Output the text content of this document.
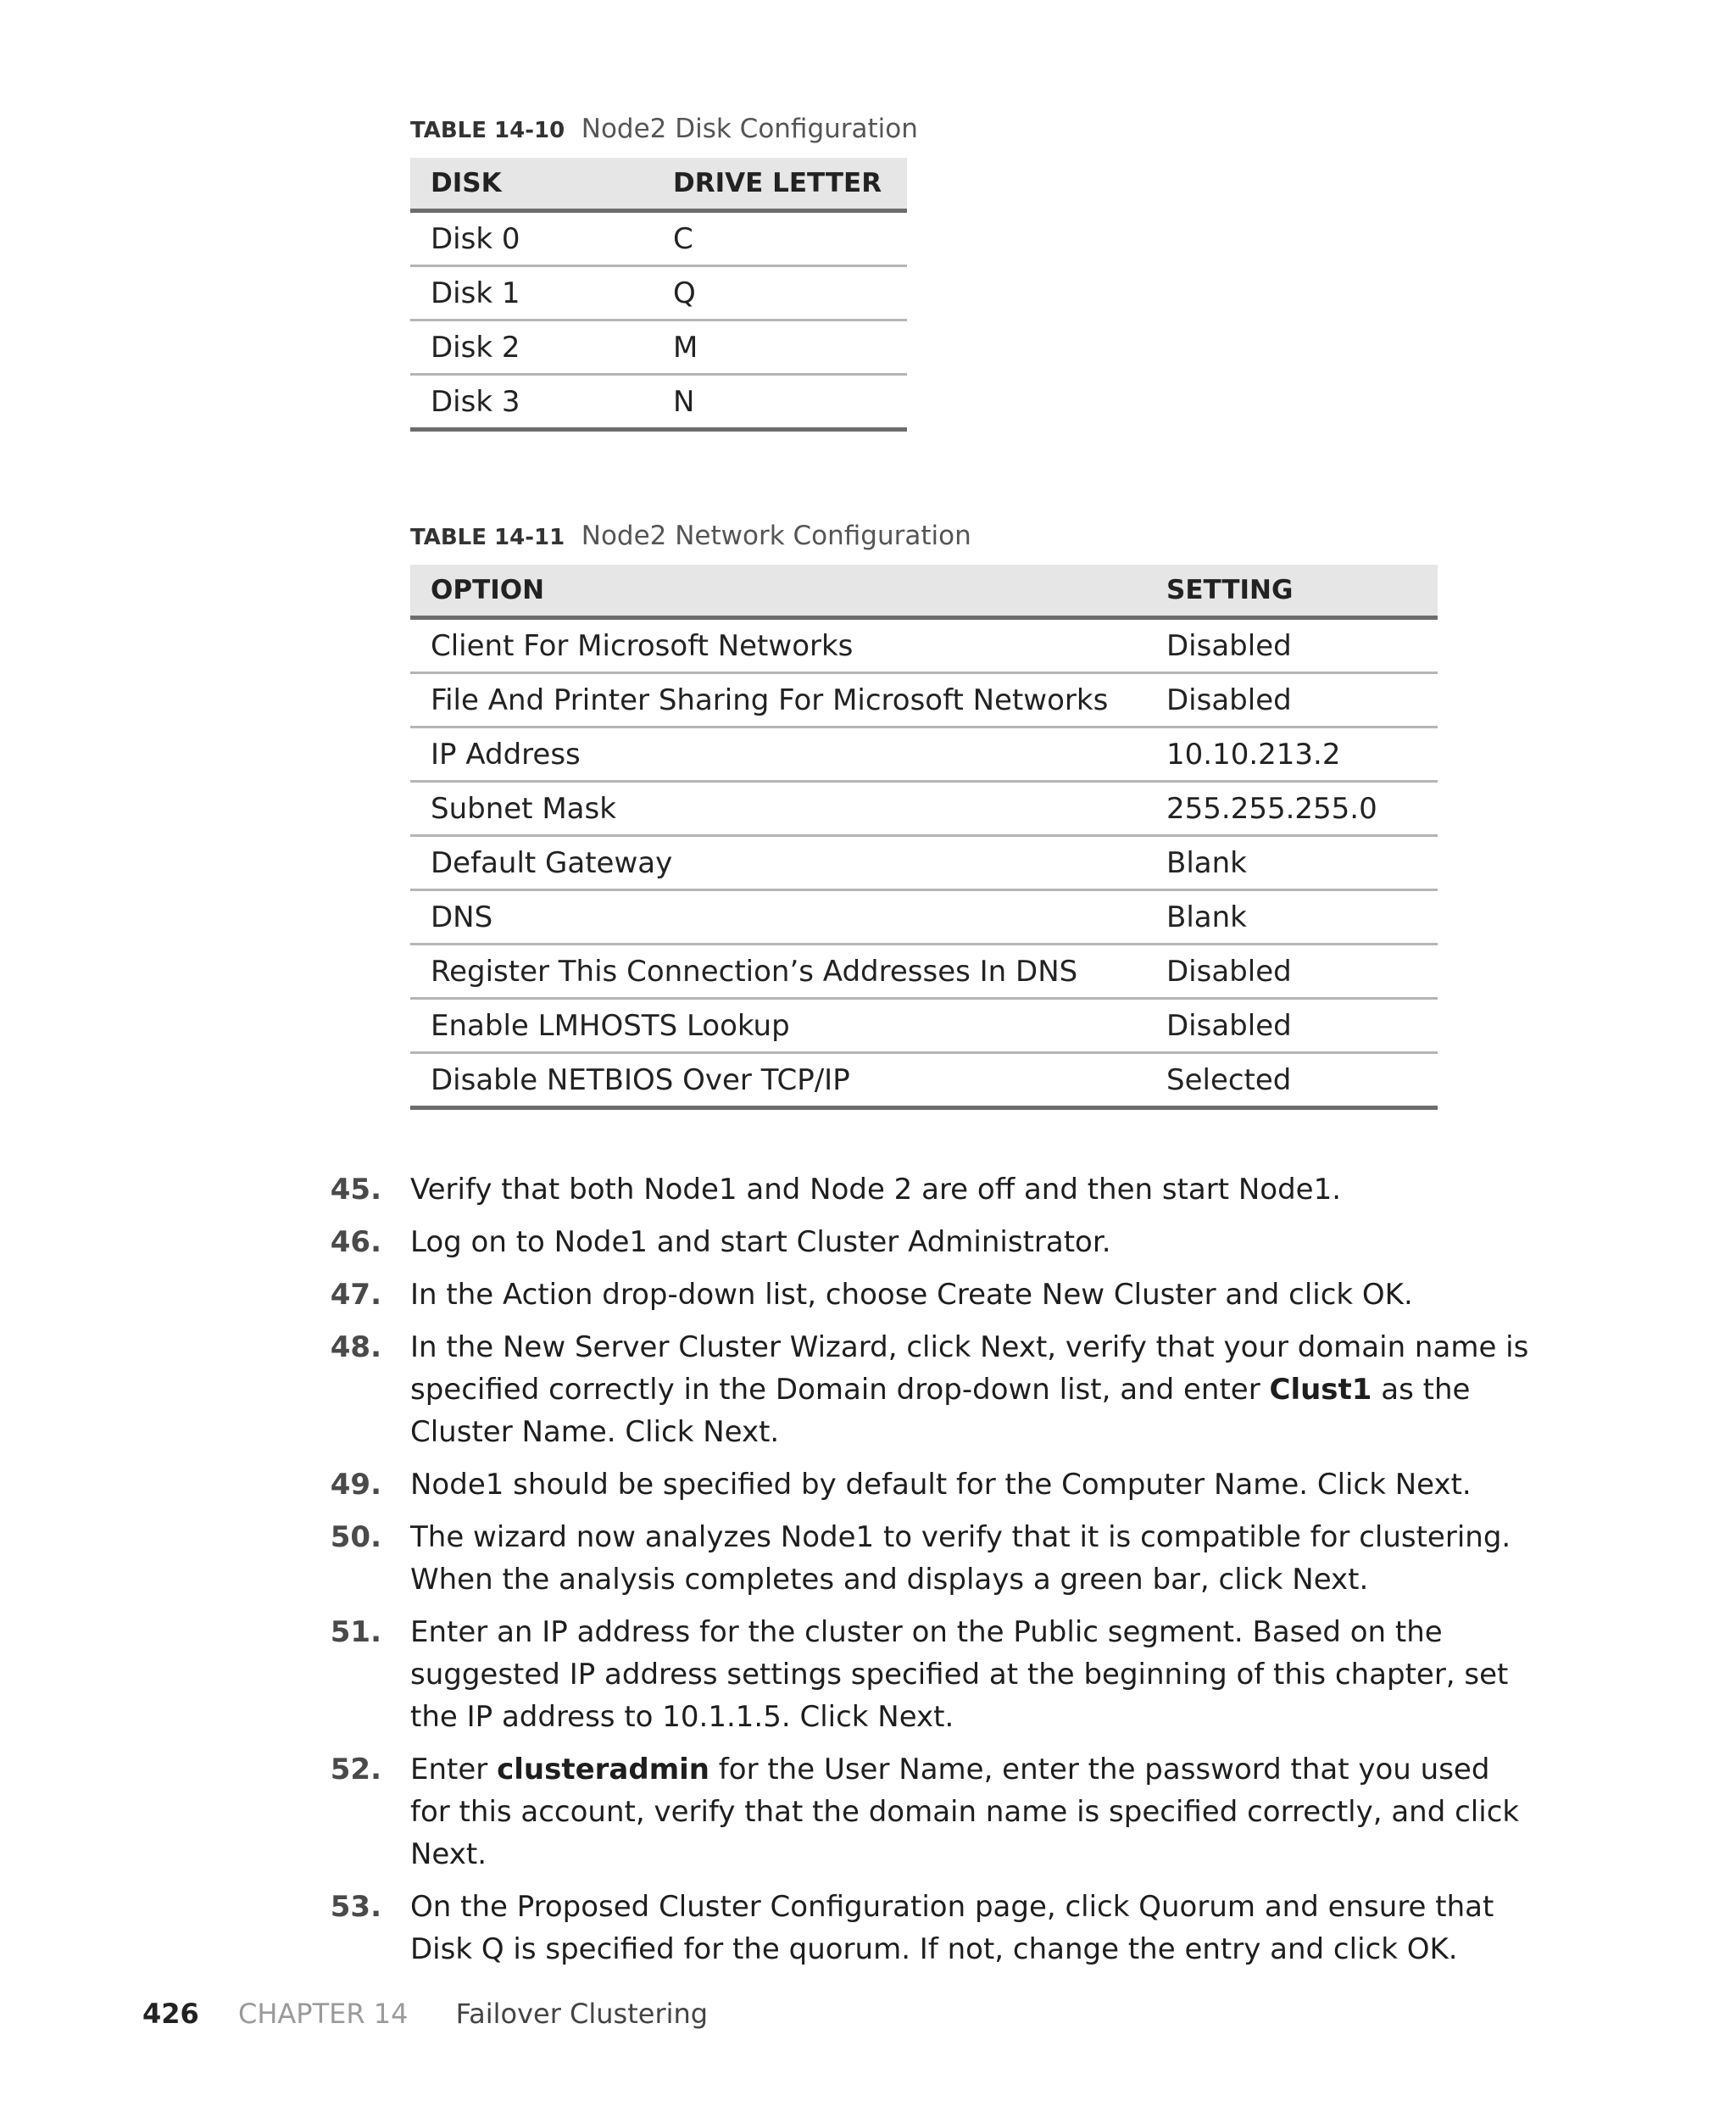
TABLE 14-10 Node2 Disk Configuration
DISK	DRIVE LETTER
Disk 0	C
Disk 1	Q
Disk 2	M
Disk 3	N
TABLE 14-11 Node2 Network Configuration
OPTION	SETTING
Client For Microsoft Networks	Disabled
File And Printer Sharing For Microsoft Networks	Disabled
IP Address	10.10.213.2
Subnet Mask	255.255.255.0
Default Gateway	Blank
DNS	Blank
Register This Connection’s Addresses In DNS	Disabled
Enable LMHOSTS Lookup	Disabled
Disable NETBIOS Over TCP/IP	Selected
45. Verify that both Node1 and Node 2 are off and then start Node1.
46. Log on to Node1 and start Cluster Administrator.
47. In the Action drop-down list, choose Create New Cluster and click OK.
48. In the New Server Cluster Wizard, click Next, verify that your domain name is specified correctly in the Domain drop-down list, and enter Clust1 as the Cluster Name. Click Next.
49. Node1 should be specified by default for the Computer Name. Click Next.
50. The wizard now analyzes Node1 to verify that it is compatible for clustering. When the analysis completes and displays a green bar, click Next.
51. Enter an IP address for the cluster on the Public segment. Based on the suggested IP address settings specified at the beginning of this chapter, set the IP address to 10.1.1.5. Click Next.
52. Enter clusteradmin for the User Name, enter the password that you used for this account, verify that the domain name is specified correctly, and click Next.
53. On the Proposed Cluster Configuration page, click Quorum and ensure that Disk Q is specified for the quorum. If not, change the entry and click OK.
426 CHAPTER 14 Failover Clustering
